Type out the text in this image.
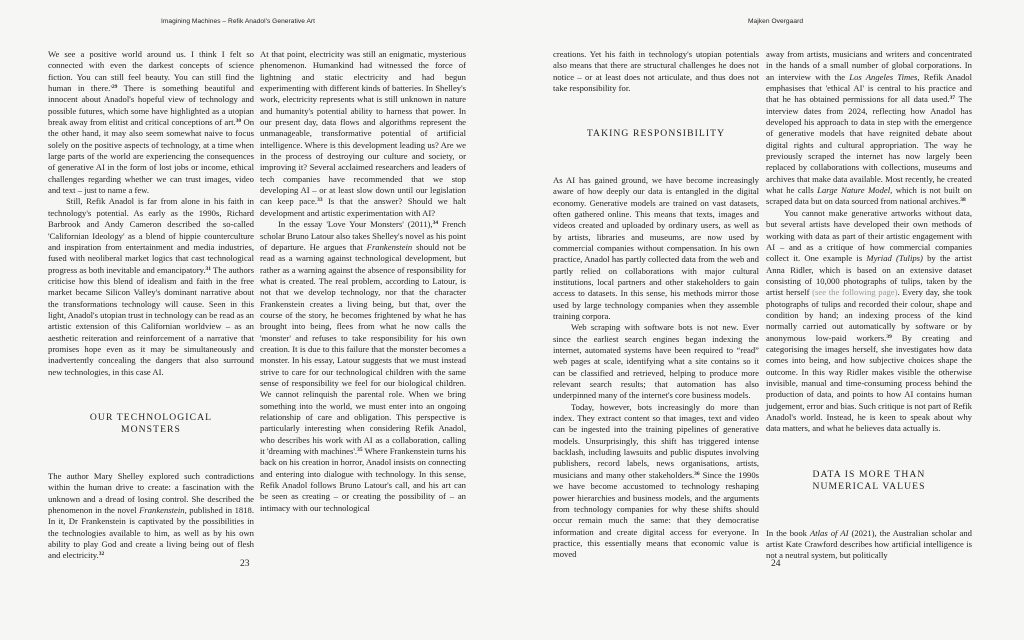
Imagining Machines – Refik Anadol's Generative Art	Majken Overgaard

We see a positive world around us. I think I felt so connected with even the darkest concepts of science fiction. You can still feel beauty. You can still find the human in $there.'^{29}$ There is something beautiful and innocent about Anadol's hopeful view of technology and possible futures, which some have highlighted as a utopian break away from elitist and critical conceptions of art.$^{30}$ On the other hand, it may also seem somewhat naive to focus solely on the positive aspects of technology, at a time when large parts of the world are experiencing the consequences of generative AI in the form of lost jobs or income, ethical challenges regarding whether we can trust images, video and text – just to name a few.

Still, Refik Anadol is far from alone in his faith in technology's potential. As early as the 1990s, Richard Barbrook and Andy Cameron described the so-called 'Californian Ideology' as a blend of hippie counterculture and inspiration from entertainment and media industries, fused with neoliberal market logics that cast technological progress as both inevitable and emancipatory.$^{31}$ The authors criticise how this blend of idealism and faith in the free market became Silicon Valley's dominant narrative about the transformations technology will cause. Seen in this light, Anadol's utopian trust in technology can be read as an artistic extension of this Californian worldview – as an aesthetic reiteration and reinforcement of a narrative that promises hope even as it may be simultaneously and inadvertently concealing the dangers that also surround new technologies, in this case AI.

OUR TECHNOLOGICAL MONSTERS

The author Mary Shelley explored such contradictions within the human drive to create: a fascination with the unknown and a dread of losing control. She described the phenomenon in the novel Frankenstein, published in 1818. In it, Dr Frankenstein is captivated by the possibilities in the technologies available to him, as well as by his own ability to play God and create a living being out of flesh and electricity.$^{32}$

At that point, electricity was still an enigmatic, mysterious phenomenon. Humankind had witnessed the force of lightning and static electricity and had begun experimenting with different kinds of batteries. In Shelley's work, electricity represents what is still unknown in nature and humanity's potential ability to harness that power. In our present day, data flows and algorithms represent the unmanageable, transformative potential of artificial intelligence. Where is this development leading us? Are we in the process of destroying our culture and society, or improving it? Several acclaimed researchers and leaders of tech companies have recommended that we stop developing AI – or at least slow down until our legislation can keep pace.$^{33}$ Is that the answer? Should we halt development and artistic experimentation with AI?

In the essay 'Love Your Monsters' (2011),$^{34}$ French scholar Bruno Latour also takes Shelley's novel as his point of departure. He argues that Frankenstein should not be read as a warning against technological development, but rather as a warning against the absence of responsibility for what is created. The real problem, according to Latour, is not that we develop technology, nor that the character Frankenstein creates a living being, but that, over the course of the story, he becomes frightened by what he has brought into being, flees from what he now calls the 'monster' and refuses to take responsibility for his own creation. It is due to this failure that the monster becomes a monster. In his essay, Latour suggests that we must instead strive to care for our technological children with the same sense of responsibility we feel for our biological children. We cannot relinquish the parental role. When we bring something into the world, we must enter into an ongoing relationship of care and obligation. This perspective is particularly interesting when considering Refik Anadol, who describes his work with AI as a collaboration, calling it 'dreaming with machines'.$^{35}$ Where Frankenstein turns his back on his creation in horror, Anadol insists on connecting and entering into dialogue with technology. In this sense, Refik Anadol follows Bruno Latour's call, and his art can be seen as creating – or creating the possibility of – an intimacy with our technological

23

creations. Yet his faith in technology's utopian potentials also means that there are structural challenges he does not notice – or at least does not articulate, and thus does not take responsibility for.

TAKING RESPONSIBILITY

As AI has gained ground, we have become increasingly aware of how deeply our data is entangled in the digital economy. Generative models are trained on vast datasets, often gathered online. This means that texts, images and videos created and uploaded by ordinary users, as well as by artists, libraries and museums, are now used by commercial companies without compensation. In his own practice, Anadol has partly collected data from the web and partly relied on collaborations with major cultural institutions, local partners and other stakeholders to gain access to datasets. In this sense, his methods mirror those used by large technology companies when they assemble training corpora.

Web scraping with software bots is not new. Ever since the earliest search engines began indexing the internet, automated systems have been required to “read” web pages at scale, identifying what a site contains so it can be classified and retrieved, helping to produce more relevant search results; that automation has also underpinned many of the internet's core business models.

Today, however, bots increasingly do more than index. They extract content so that images, text and video can be ingested into the training pipelines of generative models. Unsurprisingly, this shift has triggered intense backlash, including lawsuits and public disputes involving publishers, record labels, news organisations, artists, musicians and many other stakeholders.$^{36}$ Since the 1990s we have become accustomed to technology reshaping power hierarchies and business models, and the arguments from technology companies for why these shifts should occur remain much the same: that they democratise information and create digital access for everyone. In practice, this essentially means that economic value is moved

away from artists, musicians and writers and concentrated in the hands of a small number of global corporations. In an interview with the Los Angeles Times, Refik Anadol emphasises that 'ethical AI' is central to his practice and that he has obtained permissions for all data used.$^{37}$ The interview dates from 2024, reflecting how Anadol has developed his approach to data in step with the emergence of generative models that have reignited debate about digital rights and cultural appropriation. The way he previously scraped the internet has now largely been replaced by collaborations with collections, museums and archives that make data available. Most recently, he created what he calls Large Nature Model, which is not built on scraped data but on data sourced from national archives.$^{38}$

You cannot make generative artworks without data, but several artists have developed their own methods of working with data as part of their artistic engagement with AI – and as a critique of how commercial companies collect it. One example is Myriad (Tulips) by the artist Anna Ridler, which is based on an extensive dataset consisting of 10,000 photographs of tulips, taken by the artist herself (see the following page). Every day, she took photographs of tulips and recorded their colour, shape and condition by hand; an indexing process of the kind normally carried out automatically by software or by anonymous low-paid workers.$^{39}$ By creating and categorising the images herself, she investigates how data comes into being, and how subjective choices shape the outcome. In this way Ridler makes visible the otherwise invisible, manual and time-consuming process behind the production of data, and points to how AI contains human judgement, error and bias. Such critique is not part of Refik Anadol's world. Instead, he is keen to speak about why data matters, and what he believes data actually is.

DATA IS MORE THAN
NUMERICAL VALUES

In the book Atlas of AI (2021), the Australian scholar and artist Kate Crawford describes how artificial intelligence is not a neutral system, but politically

24
